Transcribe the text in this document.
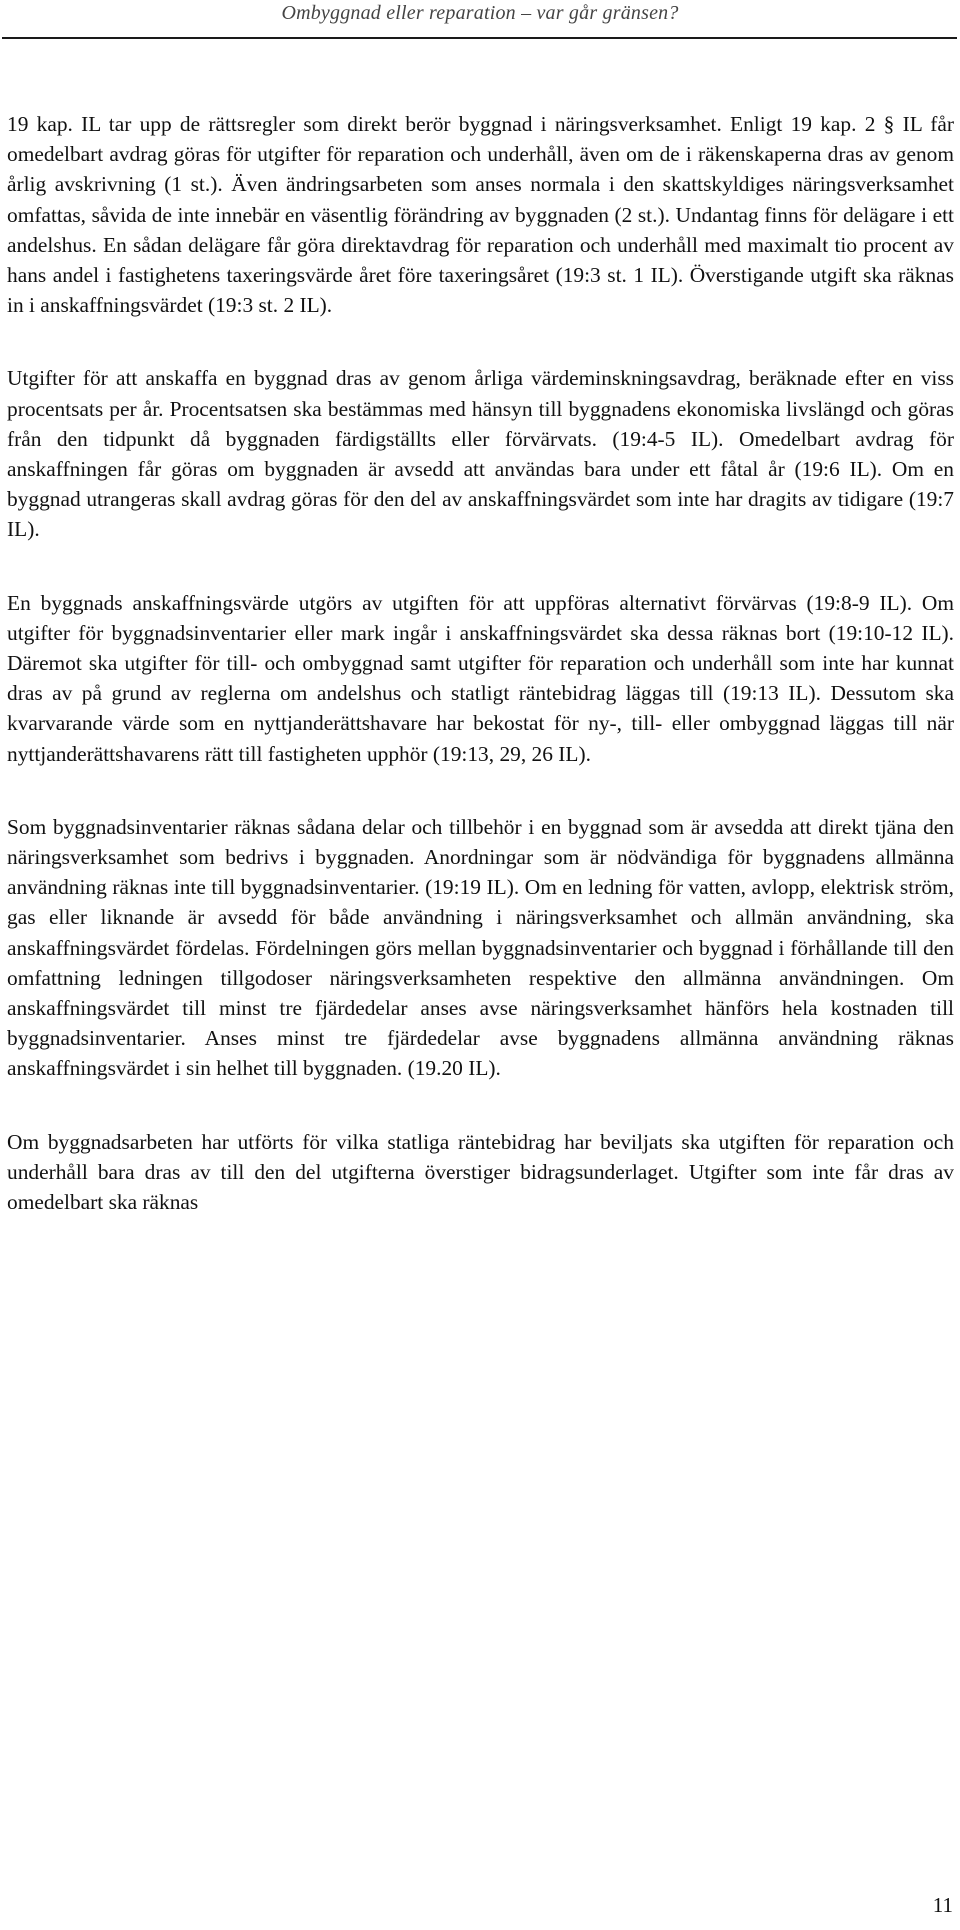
Ombyggnad eller reparation – var går gränsen?

19 kap. IL tar upp de rättsregler som direkt berör byggnad i näringsverksamhet. Enligt 19 kap. 2 § IL får omedelbart avdrag göras för utgifter för reparation och underhåll, även om de i räkenskaperna dras av genom årlig avskrivning (1 st.). Även ändringsarbeten som anses normala i den skattskyldiges näringsverksamhet omfattas, såvida de inte innebär en väsentlig förändring av byggnaden (2 st.). Undantag finns för delägare i ett andelshus. En sådan delägare får göra direktavdrag för reparation och underhåll med maximalt tio procent av hans andel i fastighetens taxeringsvärde året före taxeringsåret (19:3 st. 1 IL). Överstigande utgift ska räknas in i anskaffningsvärdet (19:3 st. 2 IL).

Utgifter för att anskaffa en byggnad dras av genom årliga värdeminskningsavdrag, beräknade efter en viss procentsats per år. Procentsatsen ska bestämmas med hänsyn till byggnadens ekonomiska livslängd och göras från den tidpunkt då byggnaden färdigställts eller förvärvats. (19:4-5 IL). Omedelbart avdrag för anskaffningen får göras om byggnaden är avsedd att användas bara under ett fåtal år (19:6 IL). Om en byggnad utrangeras skall avdrag göras för den del av anskaffningsvärdet som inte har dragits av tidigare (19:7 IL).

En byggnads anskaffningsvärde utgörs av utgiften för att uppföras alternativt förvärvas (19:8-9 IL). Om utgifter för byggnadsinventarier eller mark ingår i anskaffningsvärdet ska dessa räknas bort (19:10-12 IL). Däremot ska utgifter för till- och ombyggnad samt utgifter för reparation och underhåll som inte har kunnat dras av på grund av reglerna om andelshus och statligt räntebidrag läggas till (19:13 IL). Dessutom ska kvarvarande värde som en nyttjanderättshavare har bekostat för ny-, till- eller ombyggnad läggas till när nyttjanderättshavarens rätt till fastigheten upphör (19:13, 29, 26 IL).

Som byggnadsinventarier räknas sådana delar och tillbehör i en byggnad som är avsedda att direkt tjäna den näringsverksamhet som bedrivs i byggnaden. Anordningar som är nödvändiga för byggnadens allmänna användning räknas inte till byggnadsinventarier. (19:19 IL). Om en ledning för vatten, avlopp, elektrisk ström, gas eller liknande är avsedd för både användning i näringsverksamhet och allmän användning, ska anskaffningsvärdet fördelas. Fördelningen görs mellan byggnadsinventarier och byggnad i förhållande till den omfattning ledningen tillgodoser näringsverksamheten respektive den allmänna användningen. Om anskaffningsvärdet till minst tre fjärdedelar anses avse näringsverksamhet hänförs hela kostnaden till byggnadsinventarier. Anses minst tre fjärdedelar avse byggnadens allmänna användning räknas anskaffningsvärdet i sin helhet till byggnaden. (19.20 IL).

Om byggnadsarbeten har utförts för vilka statliga räntebidrag har beviljats ska utgiften för reparation och underhåll bara dras av till den del utgifterna överstiger bidragsunderlaget. Utgifter som inte får dras av omedelbart ska räknas

11
